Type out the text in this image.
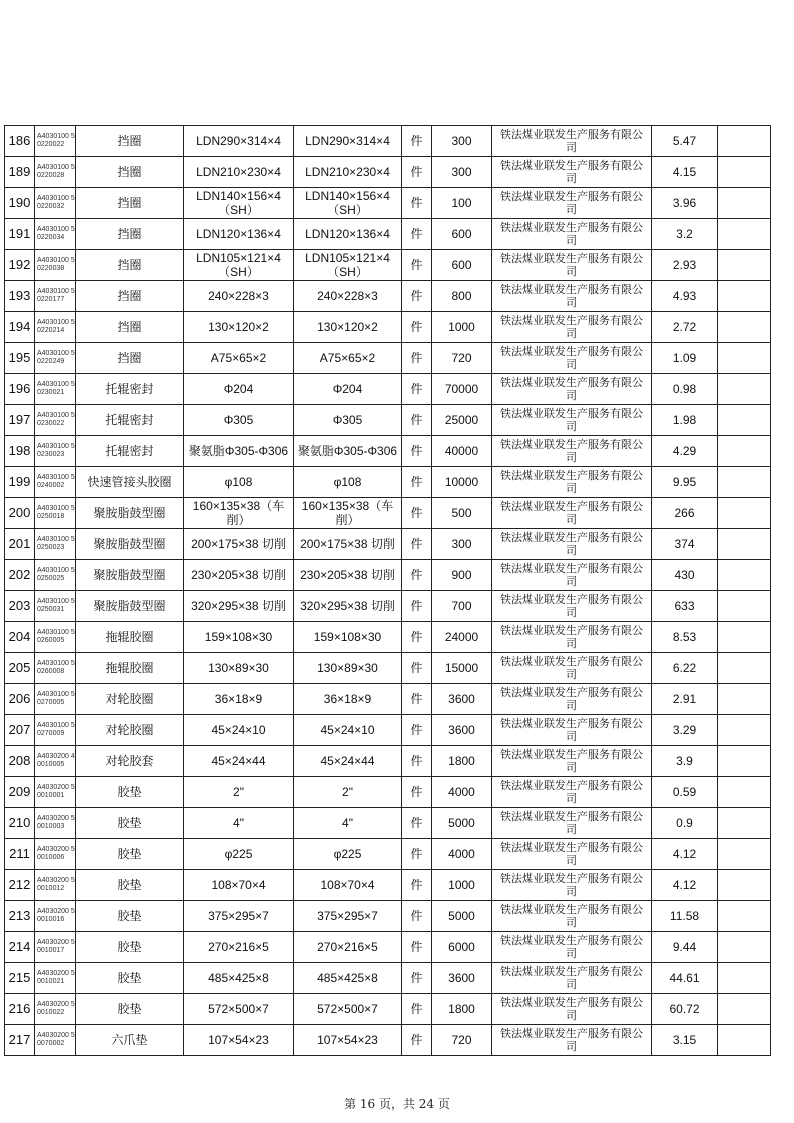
186	A4030100 50220022	挡圈	LDN290×314×4	LDN290×314×4	件	300	铁法煤业联发生产服务有限公司	5.47	
189	A4030100 50220028	挡圈	LDN210×230×4	LDN210×230×4	件	300	铁法煤业联发生产服务有限公司	4.15	
190	A4030100 50220032	挡圈	LDN140×156×4（SH）	LDN140×156×4（SH）	件	100	铁法煤业联发生产服务有限公司	3.96	
191	A4030100 50220034	挡圈	LDN120×136×4	LDN120×136×4	件	600	铁法煤业联发生产服务有限公司	3.2	
192	A4030100 50220038	挡圈	LDN105×121×4（SH）	LDN105×121×4（SH）	件	600	铁法煤业联发生产服务有限公司	2.93	
193	A4030100 50220177	挡圈	240×228×3	240×228×3	件	800	铁法煤业联发生产服务有限公司	4.93	
194	A4030100 50220214	挡圈	130×120×2	130×120×2	件	1000	铁法煤业联发生产服务有限公司	2.72	
195	A4030100 50220249	挡圈	A75×65×2	A75×65×2	件	720	铁法煤业联发生产服务有限公司	1.09	
196	A4030100 50230021	托辊密封	Φ204	Φ204	件	70000	铁法煤业联发生产服务有限公司	0.98	
197	A4030100 50230022	托辊密封	Φ305	Φ305	件	25000	铁法煤业联发生产服务有限公司	1.98	
198	A4030100 50230023	托辊密封	聚氨脂Φ305-Φ306	聚氨脂Φ305-Φ306	件	40000	铁法煤业联发生产服务有限公司	4.29	
199	A4030100 50240002	快速管接头胶圈	φ108	φ108	件	10000	铁法煤业联发生产服务有限公司	9.95	
200	A4030100 50250018	聚胺脂鼓型圈	160×135×38（车削）	160×135×38（车削）	件	500	铁法煤业联发生产服务有限公司	266	
201	A4030100 50250023	聚胺脂鼓型圈	200×175×38 切削	200×175×38 切削	件	300	铁法煤业联发生产服务有限公司	374	
202	A4030100 50250025	聚胺脂鼓型圈	230×205×38 切削	230×205×38 切削	件	900	铁法煤业联发生产服务有限公司	430	
203	A4030100 50250031	聚胺脂鼓型圈	320×295×38 切削	320×295×38 切削	件	700	铁法煤业联发生产服务有限公司	633	
204	A4030100 50260005	拖辊胶圈	159×108×30	159×108×30	件	24000	铁法煤业联发生产服务有限公司	8.53	
205	A4030100 50260008	拖辊胶圈	130×89×30	130×89×30	件	15000	铁法煤业联发生产服务有限公司	6.22	
206	A4030100 50270005	对轮胶圈	36×18×9	36×18×9	件	3600	铁法煤业联发生产服务有限公司	2.91	
207	A4030100 50270009	对轮胶圈	45×24×10	45×24×10	件	3600	铁法煤业联发生产服务有限公司	3.29	
208	A4030200 40010005	对轮胶套	45×24×44	45×24×44	件	1800	铁法煤业联发生产服务有限公司	3.9	
209	A4030200 50010001	胶垫	2"	2"	件	4000	铁法煤业联发生产服务有限公司	0.59	
210	A4030200 50010003	胶垫	4"	4"	件	5000	铁法煤业联发生产服务有限公司	0.9	
211	A4030200 50010006	胶垫	φ225	φ225	件	4000	铁法煤业联发生产服务有限公司	4.12	
212	A4030200 50010012	胶垫	108×70×4	108×70×4	件	1000	铁法煤业联发生产服务有限公司	4.12	
213	A4030200 50010016	胶垫	375×295×7	375×295×7	件	5000	铁法煤业联发生产服务有限公司	11.58	
214	A4030200 50010017	胶垫	270×216×5	270×216×5	件	6000	铁法煤业联发生产服务有限公司	9.44	
215	A4030200 50010021	胶垫	485×425×8	485×425×8	件	3600	铁法煤业联发生产服务有限公司	44.61	
216	A4030200 50010022	胶垫	572×500×7	572×500×7	件	1800	铁法煤业联发生产服务有限公司	60.72	
217	A4030200 50070002	六爪垫	107×54×23	107×54×23	件	720	铁法煤业联发生产服务有限公司	3.15	
第 16 页，共 24 页
